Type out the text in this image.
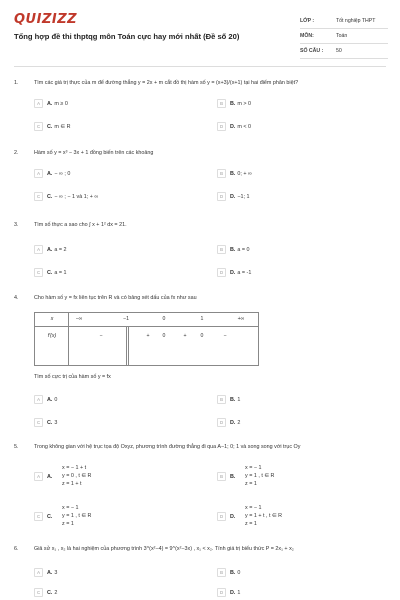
QUIZIZZ
Tổng hợp đề thi thptqg môn Toán cực hay mới nhất (Đề số 20)
LỚP :	Tốt nghiệp THPT
MÔN:	Toán
SỐ CÂU :	50
1.	Tìm các giá trị thực của m để đường thẳng y = 2x + m cắt đồ thị hàm số y = (x+3)/(x+1) tại hai điểm phân biệt?
A	A. m ≥ 0	B	B. m > 0
C	C. m ∈ R	D	D. m < 0
2.	Hàm số y = x³ − 3x + 1 đồng biến trên các khoảng
A	A. − ∞ ; 0	B	B. 0; + ∞
C	C. − ∞ ; − 1 và 1; + ∞	D	D. −1; 1
3.	Tìm số thực a sao cho ∫ x + 1² dx = 21.
A	A. a = 2	B	B. a = 0
C	C. a = 1	D	D. a = -1
4.	Cho hàm số y = fx liên tục trên R và có bảng xét dấu của fx như sau
x	−∞	−1	0	1	+∞
f′(x)	−	+	0	+	0	−
Tìm số cực trị của hàm số y = fx
A	A. 0	B	B. 1
C	C. 3	D	D. 2
5.	Trong không gian với hệ trục tọa độ Oxyz, phương trình đường thẳng đi qua A−1; 0; 1 và song song với trục Oy
A	A.
x = − 1 + t
y = 0 , t ∈ R
z = 1 + t
B	B.
x = − 1
y = 1 , t ∈ R
z = 1
C	C.
x = − 1
y = 1 , t ∈ R
z = 1
D	D.
x = − 1
y = 1 + t , t ∈ R
z = 1
6.	Giả sử x₁ , x₂ là hai nghiệm của phương trình 3^(x²−4) = 9^(x²−3x) , x₁ < x₂. Tính giá trị biểu thức P = 2x₁ + x₂
A	A. 3	B	B. 0
C	C. 2	D	D. 1
